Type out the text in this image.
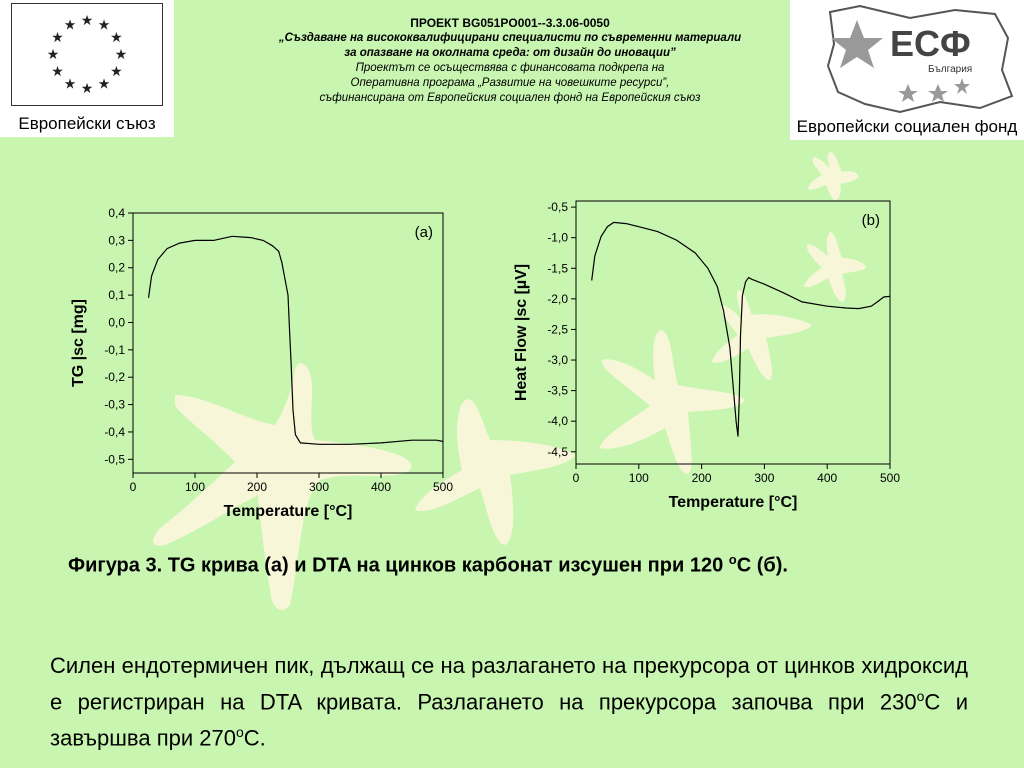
★ ★
★
★
★
★
★
★
★
★
★
★
Европейски съюз
ЕСФ
България
Европейски социален фонд
ПРОЕКТ BG051PO001--3.3.06-0050
„Създаване на висококвалифицирани специалисти по съвременни материали
за опазване на околната среда: от дизайн до иновации”
Проектът се осъществява с финансовата подкрепа на
Оперативна програма „Развитие на човешките ресурси”,
съфинансирана от Европейския социален фонд на Европейския съюз
0	100	200	300	400	500
0,4
0,3
0,2
0,1
0,0
-0,1
-0,2
-0,3
-0,4
-0,5
Temperature [°C]
TG |sc [mg]
(a)
0	100	200	300	400	500
-0,5
-1,0
-1,5
-2,0
-2,5
-3,0
-3,5
-4,0
-4,5
Temperature [°C]
Heat Flow |sc [µV]
(b)
Фигура 3. TG крива (а) и DTA на цинков карбонат изсушен при 120 $^o$C (б).
Силен ендотермичен пик, дължащ се на разлагането на прекурсора от цинков хидроксид е регистриран на DTA кривата. Разлагането на прекурсора започва при 230$^o$C и завършва при 270$^o$C.
